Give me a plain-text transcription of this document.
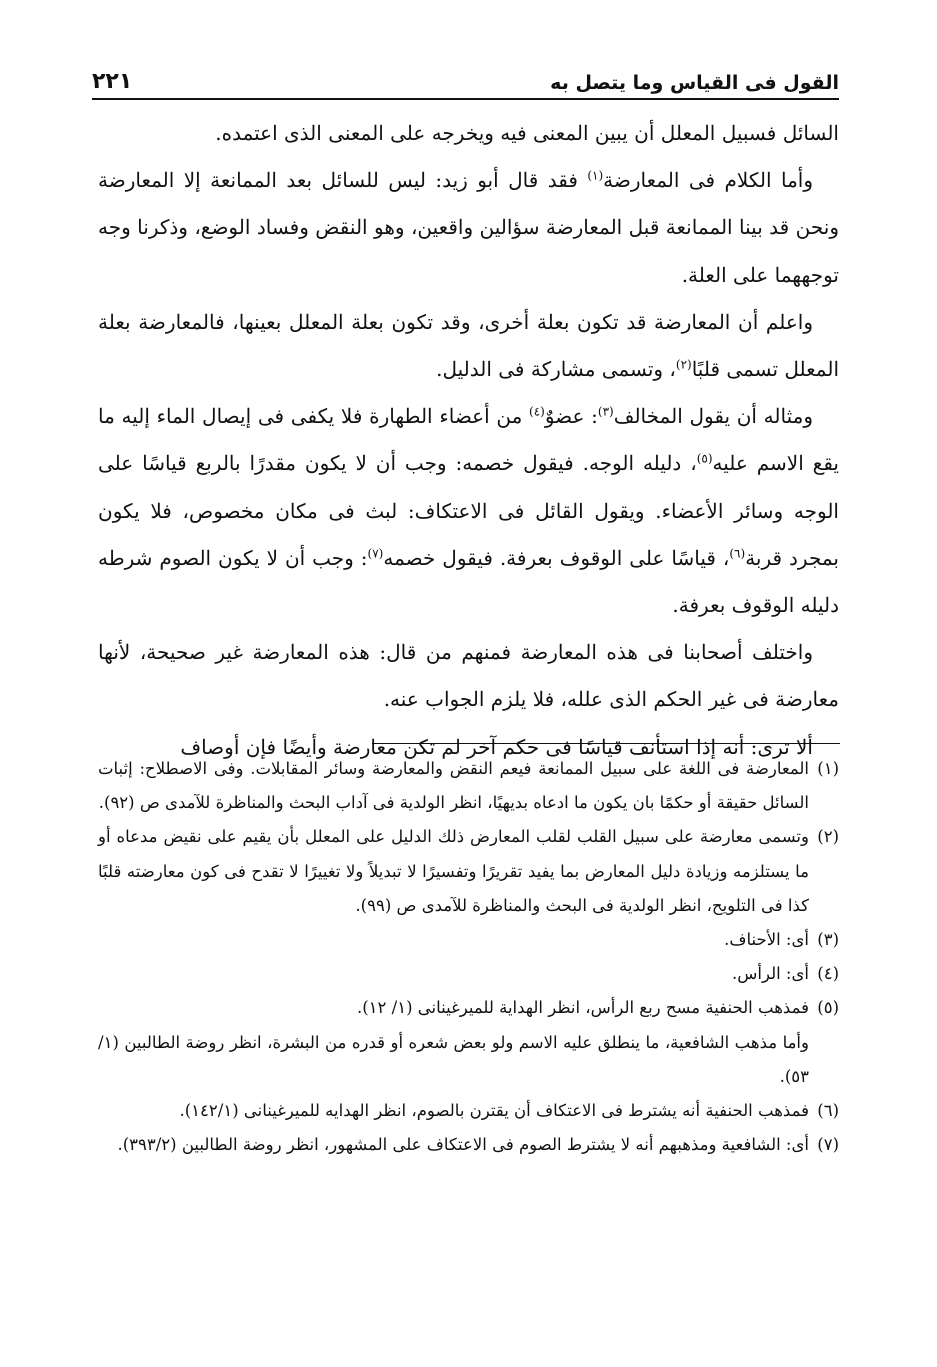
القول فى القياس وما يتصل به
٢٢١

السائل فسبيل المعلل أن يبين المعنى فيه ويخرجه على المعنى الذى اعتمده.

وأما الكلام فى المعارضة$^{(١)}$ فقد قال أبو زيد: ليس للسائل بعد الممانعة إلا المعارضة ونحن قد بينا الممانعة قبل المعارضة سؤالين واقعين، وهو النقض وفساد الوضع، وذكرنا وجه توجههما على العلة.

واعلم أن المعارضة قد تكون بعلة أخرى، وقد تكون بعلة المعلل بعينها، فالمعارضة بعلة المعلل تسمى قلبًا$^{(٢)}$، وتسمى مشاركة فى الدليل.

ومثاله أن يقول المخالف$^{(٣)}$: عضوٌ$^{(٤)}$ من أعضاء الطهارة فلا يكفى فى إيصال الماء إليه ما يقع الاسم عليه$^{(٥)}$، دليله الوجه. فيقول خصمه: وجب أن لا يكون مقدرًا بالربع قياسًا على الوجه وسائر الأعضاء. ويقول القائل فى الاعتكاف: لبث فى مكان مخصوص، فلا يكون بمجرد قربة$^{(٦)}$، قياسًا على الوقوف بعرفة. فيقول خصمه$^{(٧)}$: وجب أن لا يكون الصوم شرطه دليله الوقوف بعرفة.

واختلف أصحابنا فى هذه المعارضة فمنهم من قال: هذه المعارضة غير صحيحة، لأنها معارضة فى غير الحكم الذى علله، فلا يلزم الجواب عنه.

ألا ترى: أنه إذا استأنف قياسًا فى حكم آخر لم تكن معارضة وأيضًا فإن أوصاف

(١)المعارضة فى اللغة على سبيل الممانعة فيعم النقض والمعارضة وسائر المقابلات. وفى الاصطلاح: إثبات السائل حقيقة أو حكمًا بان يكون ما ادعاه بديهيًا، انظر الولدية فى آداب البحث والمناظرة للآمدى ص (٩٢).

(٢)وتسمى معارضة على سبيل القلب لقلب المعارض ذلك الدليل على المعلل بأن يقيم على نقيض مدعاه أو ما يستلزمه وزيادة دليل المعارض بما يفيد تقريرًا وتفسيرًا لا تبديلاً ولا تغييرًا لا تقدح فى كون معارضته قلبًا كذا فى التلويح، انظر الولدية فى البحث والمناظرة للآمدى ص (٩٩).

(٣)أى: الأحناف.

(٤)أى: الرأس.

(٥)فمذهب الحنفية مسح ربع الرأس، انظر الهداية للميرغينانى (١/ ١٢).

وأما مذهب الشافعية، ما ينطلق عليه الاسم ولو بعض شعره أو قدره من البشرة، انظر روضة الطالبين (١/ ٥٣).

(٦)فمذهب الحنفية أنه يشترط فى الاعتكاف أن يقترن بالصوم، انظر الهدايه للميرغينانى (١٤٢/١).

(٧)أى: الشافعية ومذهبهم أنه لا يشترط الصوم فى الاعتكاف على المشهور، انظر روضة الطالبين (٣٩٣/٢).
